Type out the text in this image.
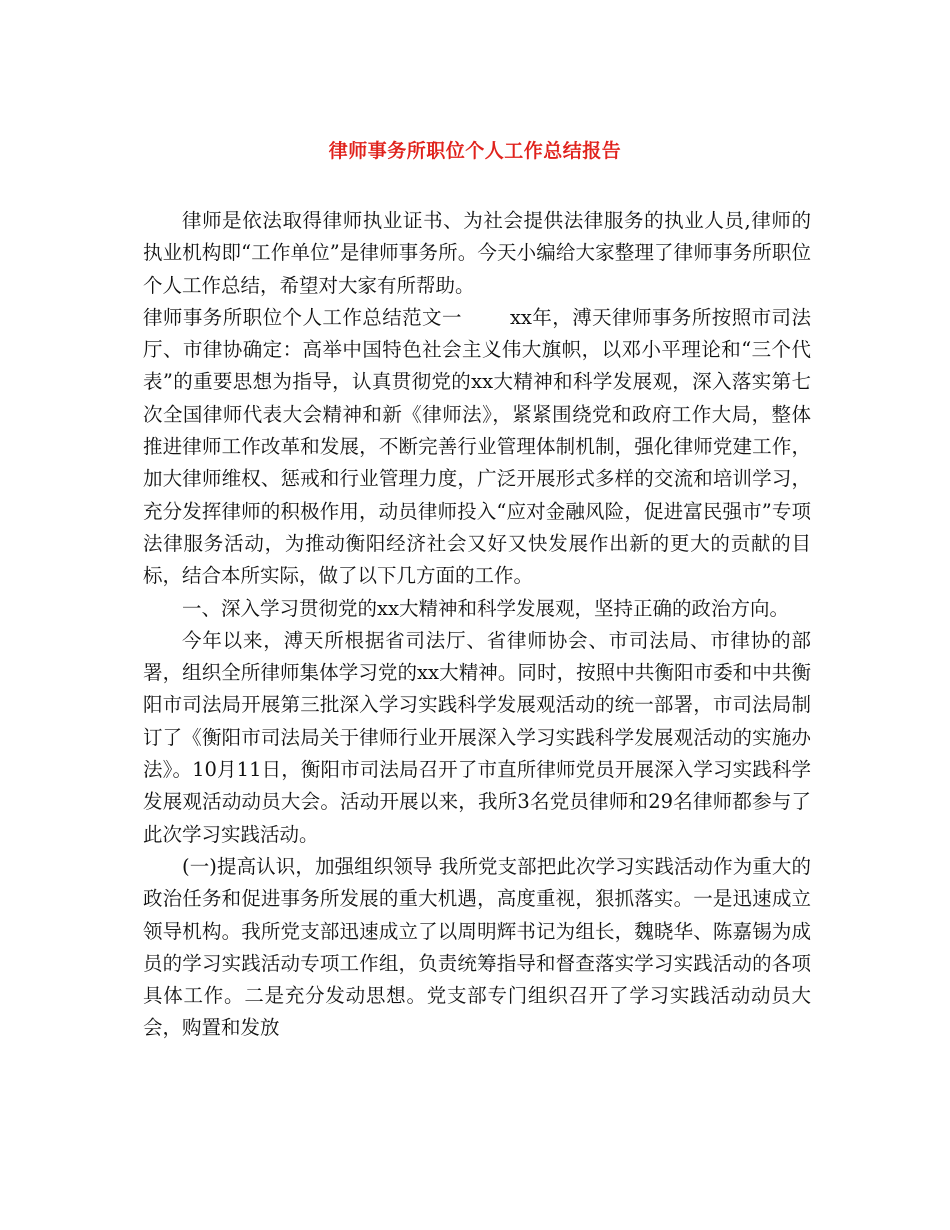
律师事务所职位个人工作总结报告

律师是依法取得律师执业证书、为社会提供法律服务的执业人员,律师的执业机构即“工作单位”是律师事务所。今天小编给大家整理了律师事务所职位个人工作总结，希望对大家有所帮助。

律师事务所职位个人工作总结范文一 xx年，溥天律师事务所按照市司法厅、市律协确定：高举中国特色社会主义伟大旗帜，以邓小平理论和“三个代表”的重要思想为指导，认真贯彻党的xx大精神和科学发展观，深入落实第七次全国律师代表大会精神和新《律师法》，紧紧围绕党和政府工作大局，整体推进律师工作改革和发展，不断完善行业管理体制机制，强化律师党建工作，加大律师维权、惩戒和行业管理力度，广泛开展形式多样的交流和培训学习，充分发挥律师的积极作用，动员律师投入“应对金融风险，促进富民强市”专项法律服务活动，为推动衡阳经济社会又好又快发展作出新的更大的贡献的目标，结合本所实际，做了以下几方面的工作。

一、深入学习贯彻党的xx大精神和科学发展观，坚持正确的政治方向。

今年以来，溥天所根据省司法厅、省律师协会、市司法局、市律协的部署，组织全所律师集体学习党的xx大精神。同时，按照中共衡阳市委和中共衡阳市司法局开展第三批深入学习实践科学发展观活动的统一部署，市司法局制订了《衡阳市司法局关于律师行业开展深入学习实践科学发展观活动的实施办法》。10月11日，衡阳市司法局召开了市直所律师党员开展深入学习实践科学发展观活动动员大会。活动开展以来，我所3名党员律师和29名律师都参与了此次学习实践活动。

(一)提高认识，加强组织领导 我所党支部把此次学习实践活动作为重大的政治任务和促进事务所发展的重大机遇，高度重视，狠抓落实。一是迅速成立领导机构。我所党支部迅速成立了以周明辉书记为组长，魏晓华、陈嘉锡为成员的学习实践活动专项工作组，负责统筹指导和督查落实学习实践活动的各项具体工作。二是充分发动思想。党支部专门组织召开了学习实践活动动员大会，购置和发放
